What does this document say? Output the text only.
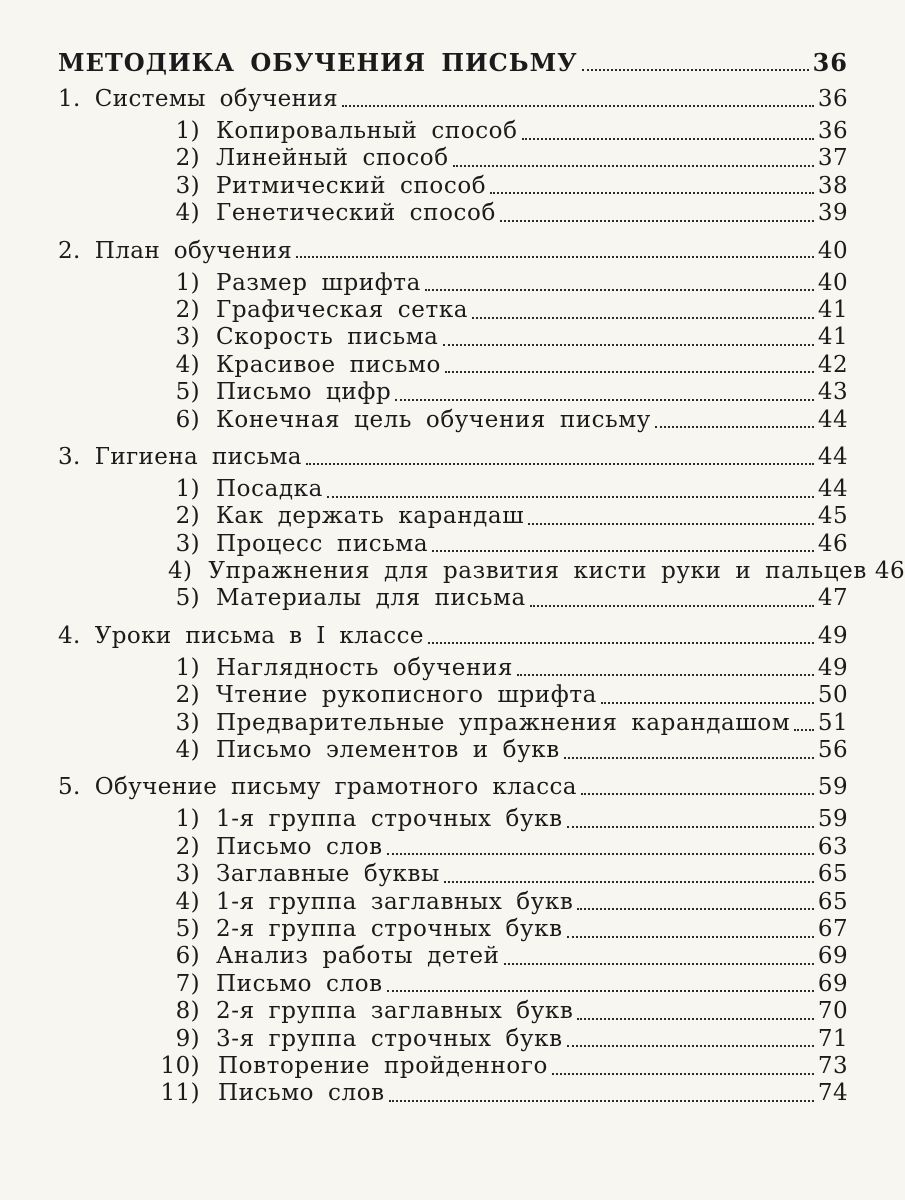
МЕТОДИКА ОБУЧЕНИЯ ПИСЬМУ	36
1. Системы обучения	36
1) Копировальный способ	36
2) Линейный способ	37
3) Ритмический способ	38
4) Генетический способ	39
2. План обучения	40
1) Размер шрифта	40
2) Графическая сетка	41
3) Скорость письма	41
4) Красивое письмо	42
5) Письмо цифр	43
6) Конечная цель обучения письму	44
3. Гигиена письма	44
1) Посадка	44
2) Как держать карандаш	45
3) Процесс письма	46
4) Упражнения для развития кисти руки и пальцев 46
5) Материалы для письма	47
4. Уроки письма в I классе	49
1) Наглядность обучения	49
2) Чтение рукописного шрифта	50
3) Предварительные упражнения карандашом 51
4) Письмо элементов и букв	56
5. Обучение письму грамотного класса	59
1) 1-я группа строчных букв	59
2) Письмо слов	63
3) Заглавные буквы	65
4) 1-я группа заглавных букв	65
5) 2-я группа строчных букв	67
6) Анализ работы детей	69
7) Письмо слов	69
8) 2-я группа заглавных букв	70
9) 3-я группа строчных букв	71
10) Повторение пройденного	73
11) Письмо слов	74
